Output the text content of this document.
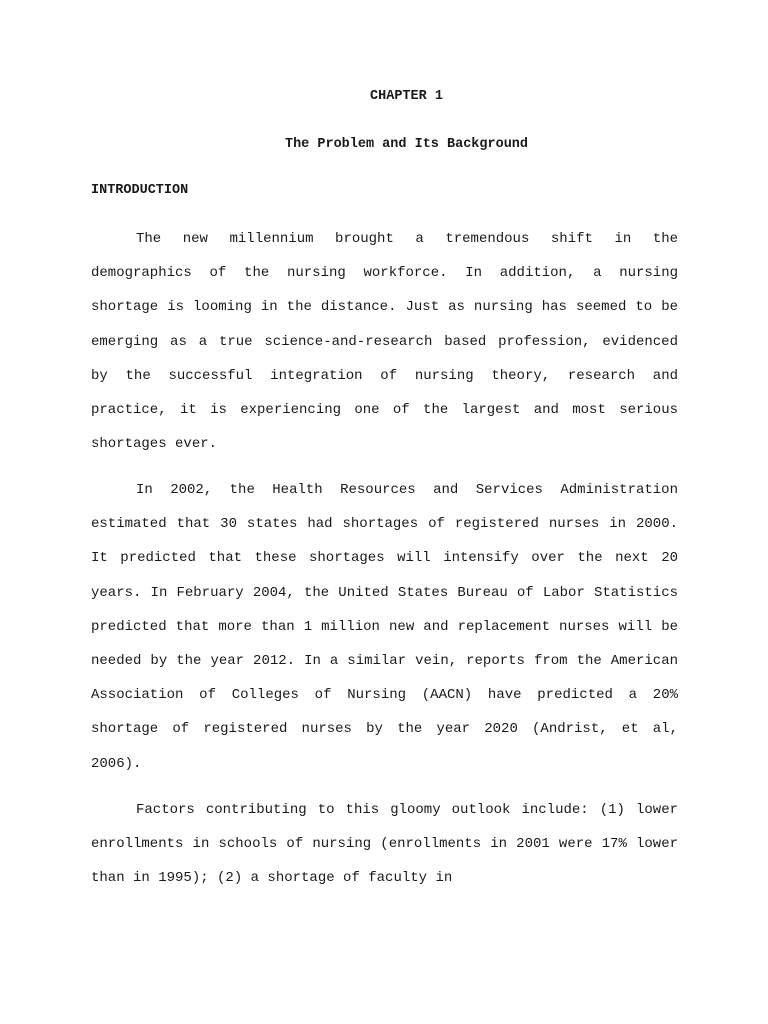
CHAPTER 1
The Problem and Its Background
INTRODUCTION

The new millennium brought a tremendous shift in the demographics of the nursing workforce. In addition, a nursing shortage is looming in the distance. Just as nursing has seemed to be emerging as a true science-and-research based profession, evidenced by the successful integration of nursing theory, research and practice, it is experiencing one of the largest and most serious shortages ever.

In 2002, the Health Resources and Services Administration estimated that 30 states had shortages of registered nurses in 2000. It predicted that these shortages will intensify over the next 20 years. In February 2004, the United States Bureau of Labor Statistics predicted that more than 1 million new and replacement nurses will be needed by the year 2012. In a similar vein, reports from the American Association of Colleges of Nursing (AACN) have predicted a 20% shortage of registered nurses by the year 2020 (Andrist, et al, 2006).

Factors contributing to this gloomy outlook include: (1) lower enrollments in schools of nursing (enrollments in 2001 were 17% lower than in 1995); (2) a shortage of faculty in
